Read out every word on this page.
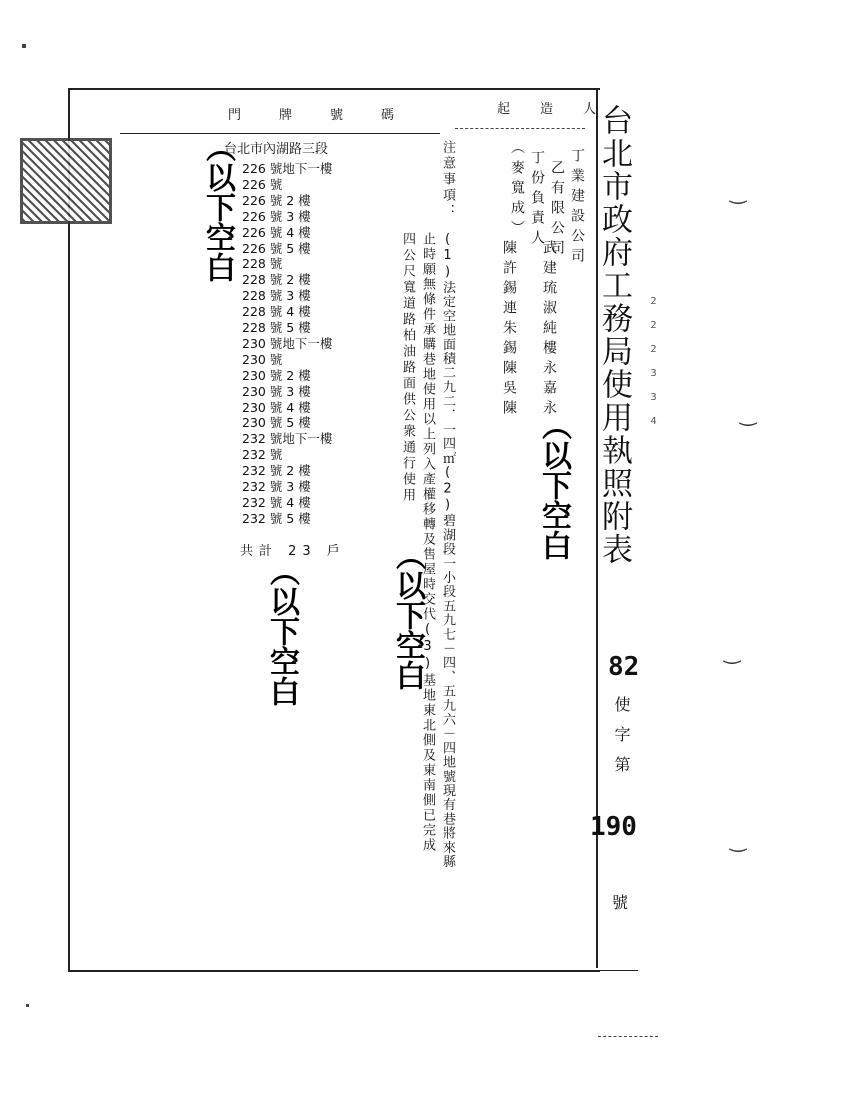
台北市政府工務局使用執照附表
門牌號碼	起造人
丁業建設公司
乙有限公司
丁份負責人
（麥寬成）
武建琉淑純樓永嘉永
陳許錫連朱錫陳吳陳
（以下空白
注意事項：
(1)法定空地面積二九二．一四㎡(2)碧湖段一小段五九七－四、五九六－四地號現有巷將來縣
止時願無條件承購巷地使用以上列入產權移轉及售屋時交代(3)基地東北側及東南側已完成
四公尺寬道路柏油路面供公衆通行使用
（以下空白
台北市內湖路三段
（以下空白 226 號地下一樓
226 號
226 號 2 樓
226 號 3 樓
226 號 4 樓
226 號 5 樓
228 號
228 號 2 樓
228 號 3 樓
228 號 4 樓
228 號 5 樓
230 號地下一樓
230 號
230 號 2 樓
230 號 3 樓
230 號 4 樓
230 號 5 樓
232 號地下一樓
232 號
232 號 2 樓
232 號 3 樓
232 號 4 樓
232 號 5 樓
共計 23 戶
（以下空白	82
使字第
190
號
2 2 2 3 3 4
‿
‿
‿
‿
